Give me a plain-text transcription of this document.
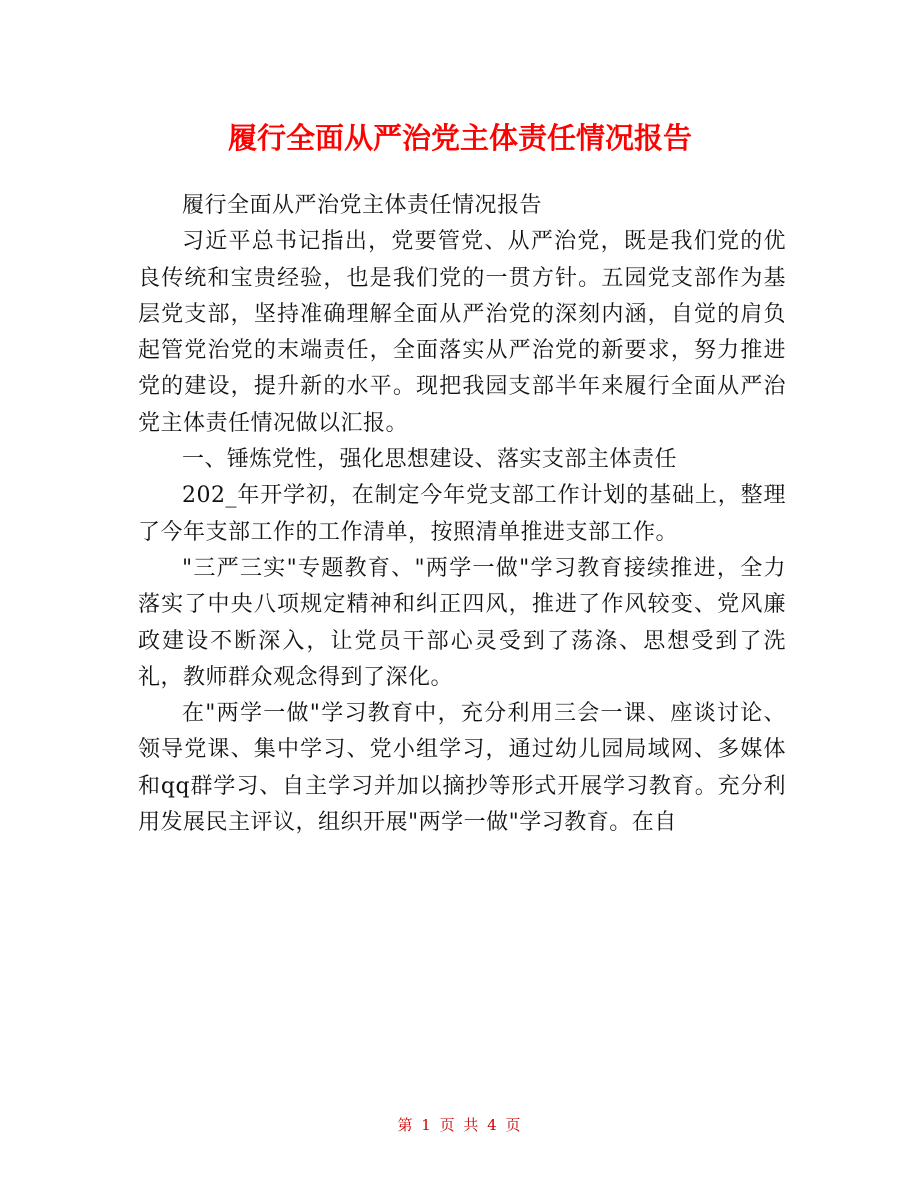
履行全面从严治党主体责任情况报告

履行全面从严治党主体责任情况报告

习近平总书记指出，党要管党、从严治党，既是我们党的优良传统和宝贵经验，也是我们党的一贯方针。五园党支部作为基层党支部，坚持准确理解全面从严治党的深刻内涵，自觉的肩负起管党治党的末端责任，全面落实从严治党的新要求，努力推进党的建设，提升新的水平。现把我园支部半年来履行全面从严治党主体责任情况做以汇报。

一、锤炼党性，强化思想建设、落实支部主体责任

202_年开学初，在制定今年党支部工作计划的基础上，整理了今年支部工作的工作清单，按照清单推进支部工作。

"三严三实"专题教育、"两学一做"学习教育接续推进，全力落实了中央八项规定精神和纠正四风，推进了作风较变、党风廉政建设不断深入，让党员干部心灵受到了荡涤、思想受到了洗礼，教师群众观念得到了深化。

在"两学一做"学习教育中，充分利用三会一课、座谈讨论、领导党课、集中学习、党小组学习，通过幼儿园局域网、多媒体和qq群学习、自主学习并加以摘抄等形式开展学习教育。充分利用发展民主评议，组织开展"两学一做"学习教育。在自

第 1 页 共 4 页
